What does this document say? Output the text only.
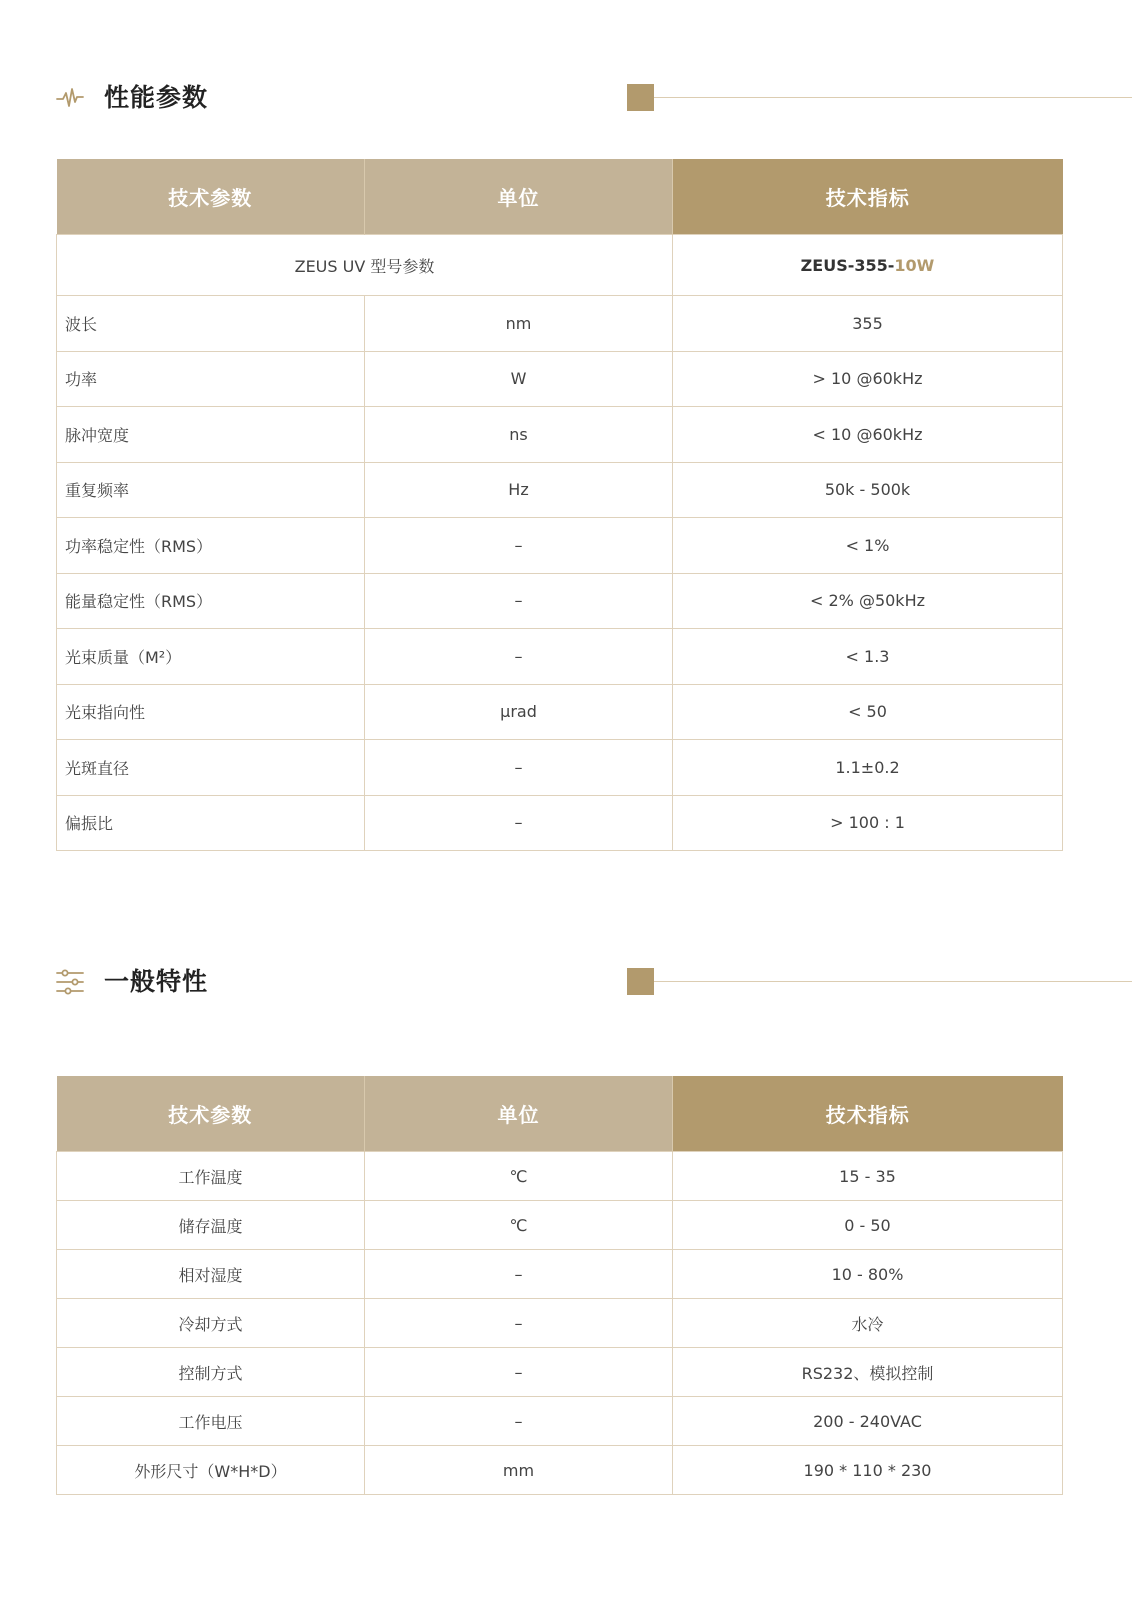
性能参数
技术参数	单位	技术指标
ZEUS UV 型号参数		ZEUS-355-10W
波长	nm	355
功率	W	> 10 @60kHz
脉冲宽度	ns	< 10 @60kHz
重复频率	Hz	50k - 500k
功率稳定性（RMS）	–	< 1%
能量稳定性（RMS）	–	< 2% @50kHz
光束质量（M²）	–	< 1.3
光束指向性	μrad	< 50
光斑直径	–	1.1±0.2
偏振比	–	> 100 : 1
一般特性
技术参数	单位	技术指标
工作温度	℃	15 - 35
储存温度	℃	0 - 50
相对湿度	–	10 - 80%
冷却方式	–	水冷
控制方式	–	RS232、模拟控制
工作电压	–	200 - 240VAC
外形尺寸（W*H*D）	mm	190 * 110 * 230
